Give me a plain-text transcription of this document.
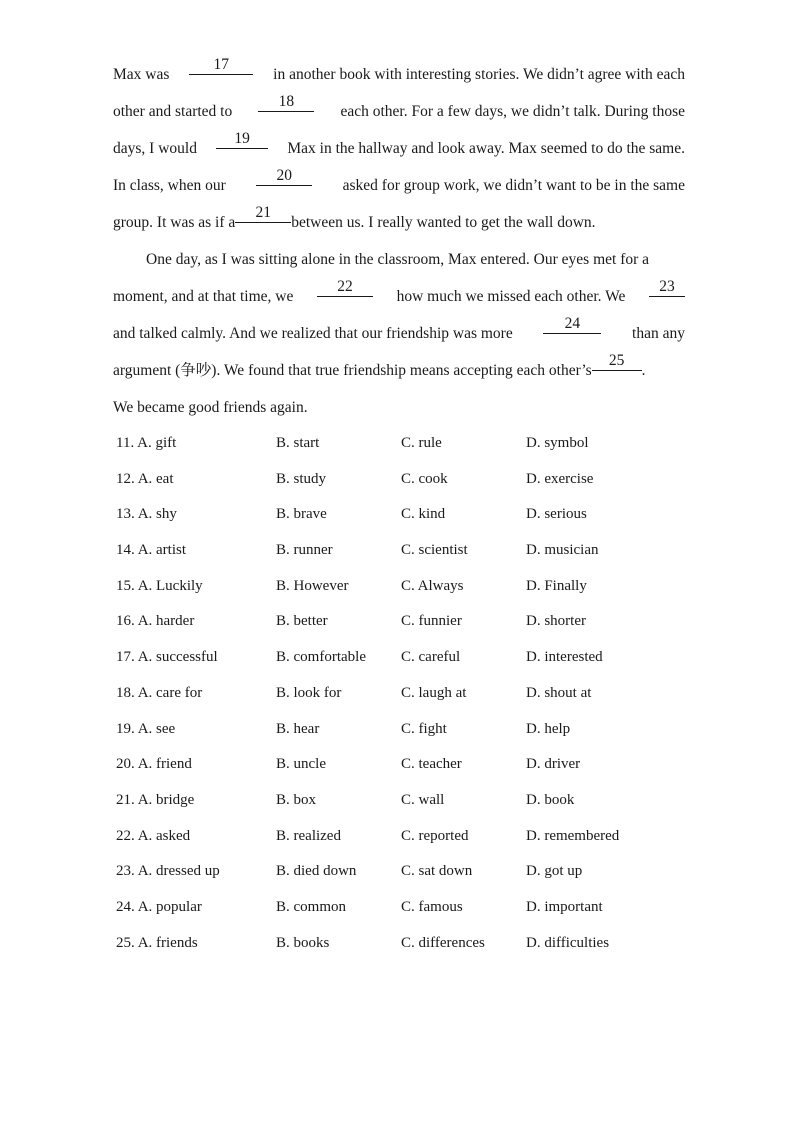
Max was
17
in another book with interesting stories. We didn’t agree with each
other and started to
18
each other. For a few days, we didn’t talk. During those
days, I would
19
Max in the hallway and look away. Max seemed to do the same.
In class, when our
20
asked for group work, we didn’t want to be in the same
group. It was as if a
21
between us. I really wanted to get the wall down.
One day, as I was sitting alone in the classroom, Max entered. Our eyes met for a
moment, and at that time, we
22
how much we missed each other. We
23
and talked calmly. And we realized that our friendship was more
24
than any
argument (争吵). We found that true friendship means accepting each other’s
25
.
We became good friends again.
11. A. gift	B. start	C. rule	D. symbol
12. A. eat	B. study	C. cook	D. exercise
13. A. shy	B. brave	C. kind	D. serious
14. A. artist	B. runner	C. scientist	D. musician
15. A. Luckily	B. However	C. Always	D. Finally
16. A. harder	B. better	C. funnier	D. shorter
17. A. successful	B. comfortable C. careful	D. interested
18. A. care for	B. look for	C. laugh at	D. shout at
19. A. see	B. hear	C. fight	D. help
20. A. friend	B. uncle	C. teacher	D. driver
21. A. bridge	B. box	C. wall	D. book
22. A. asked	B. realized	C. reported	D. remembered
23. A. dressed up	B. died down	C. sat down	D. got up
24. A. popular	B. common	C. famous	D. important
25. A. friends	B. books	C. differences	D. difficulties
